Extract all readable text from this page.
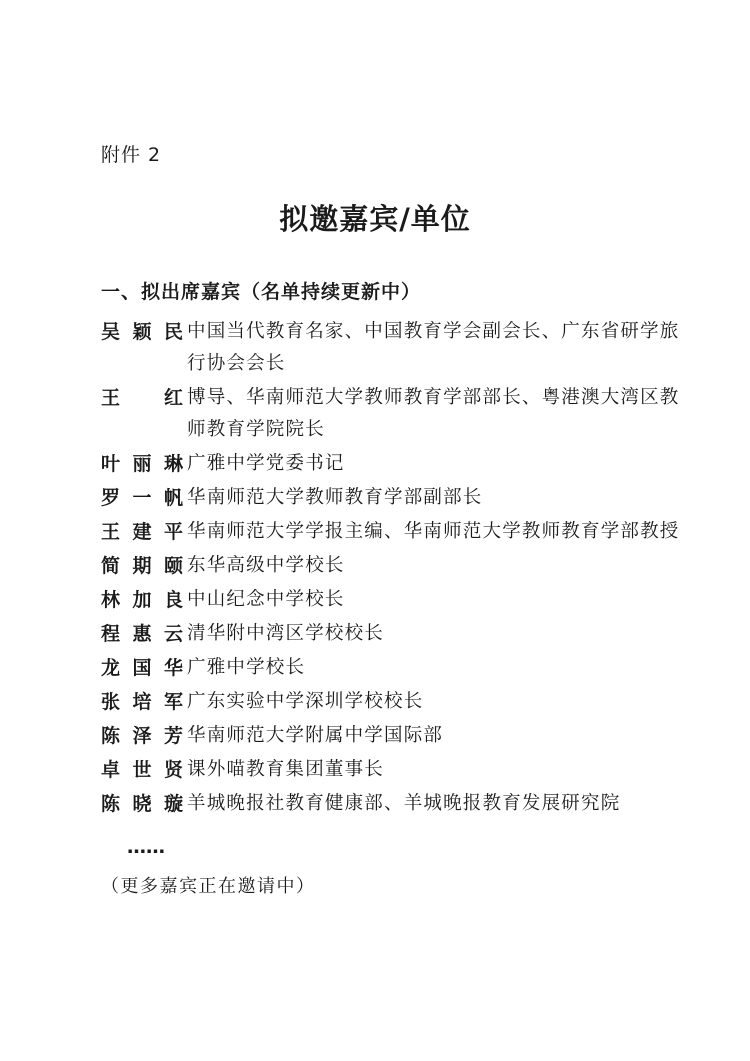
附件 2
拟邀嘉宾/单位
一、拟出席嘉宾（名单持续更新中）
吴颖民 中国当代教育名家、中国教育学会副会长、广东省研学旅行协会会长
王　红 博导、华南师范大学教师教育学部部长、粤港澳大湾区教师教育学院院长
叶丽琳 广雅中学党委书记
罗一帆 华南师范大学教师教育学部副部长
王建平 华南师范大学学报主编、华南师范大学教师教育学部教授
简期颐 东华高级中学校长
林加良 中山纪念中学校长
程惠云 清华附中湾区学校校长
龙国华 广雅中学校长
张培军 广东实验中学深圳学校校长
陈泽芳 华南师范大学附属中学国际部
卓世贤 课外喵教育集团董事长
陈晓璇 羊城晚报社教育健康部、羊城晚报教育发展研究院
……
（更多嘉宾正在邀请中）
